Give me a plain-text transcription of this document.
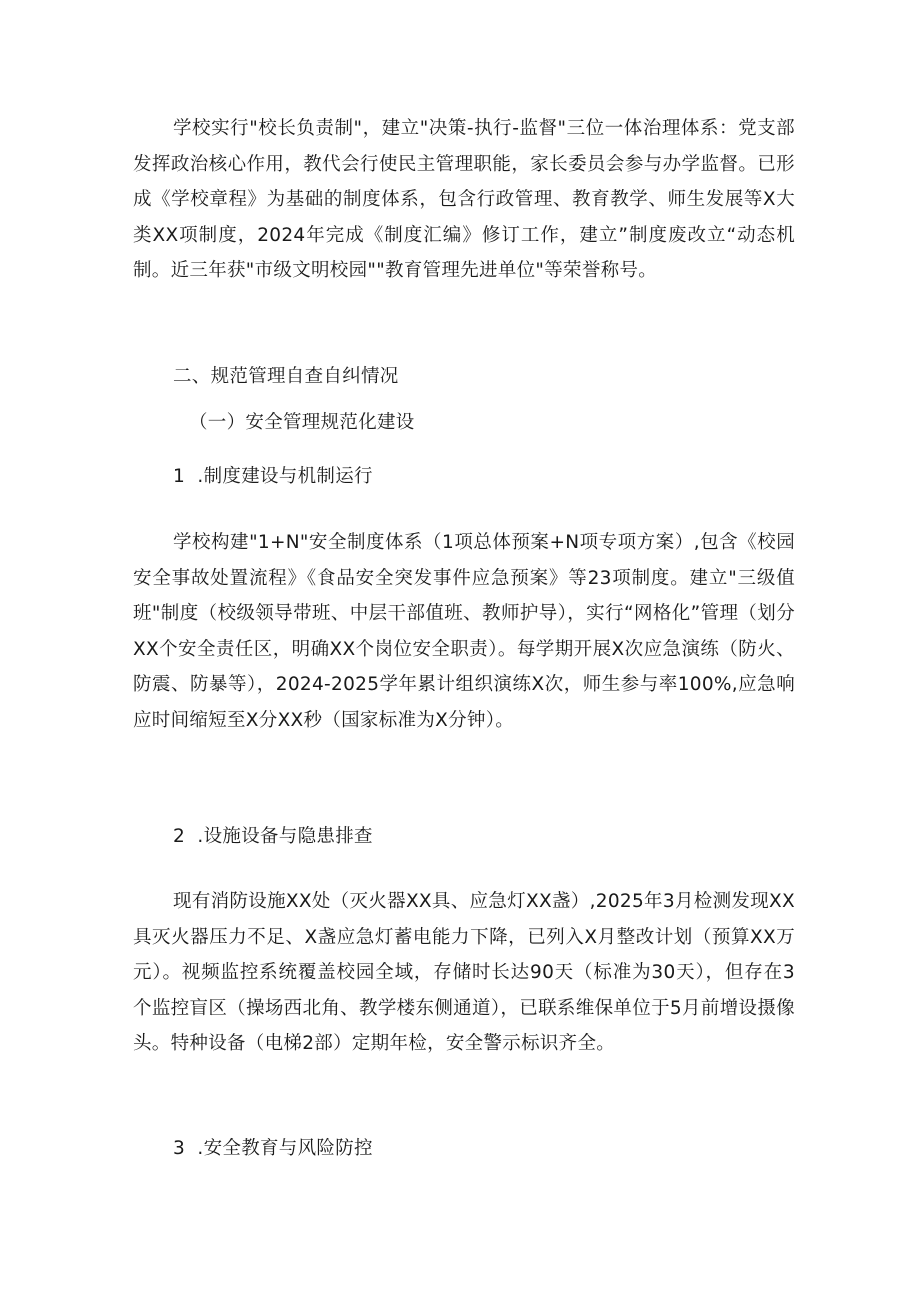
学校实行"校长负责制"，建立"决策-执行-监督"三位一体治理体系：党支部发挥政治核心作用，教代会行使民主管理职能，家长委员会参与办学监督。已形成《学校章程》为基础的制度体系，包含行政管理、教育教学、师生发展等X大类XX项制度，2024年完成《制度汇编》修订工作，建立”制度废改立“动态机制。近三年获"市级文明校园""教育管理先进单位"等荣誉称号。

二、规范管理自查自纠情况

（一）安全管理规范化建设

1  .制度建设与机制运行

学校构建"1+N"安全制度体系（1项总体预案+N项专项方案）,包含《校园安全事故处置流程》《食品安全突发事件应急预案》等23项制度。建立"三级值班"制度（校级领导带班、中层干部值班、教师护导），实行“网格化”管理（划分XX个安全责任区，明确XX个岗位安全职责）。每学期开展X次应急演练（防火、防震、防暴等），2024-2025学年累计组织演练X次，师生参与率100%,应急响应时间缩短至X分XX秒（国家标准为X分钟）。

2  .设施设备与隐患排查

现有消防设施XX处（灭火器XX具、应急灯XX盏）,2025年3月检测发现XX具灭火器压力不足、X盏应急灯蓄电能力下降，已列入X月整改计划（预算XX万元）。视频监控系统覆盖校园全域，存储时长达90天（标准为30天），但存在3个监控盲区（操场西北角、教学楼东侧通道），已联系维保单位于5月前增设摄像头。特种设备（电梯2部）定期年检，安全警示标识齐全。

3  .安全教育与风险防控
